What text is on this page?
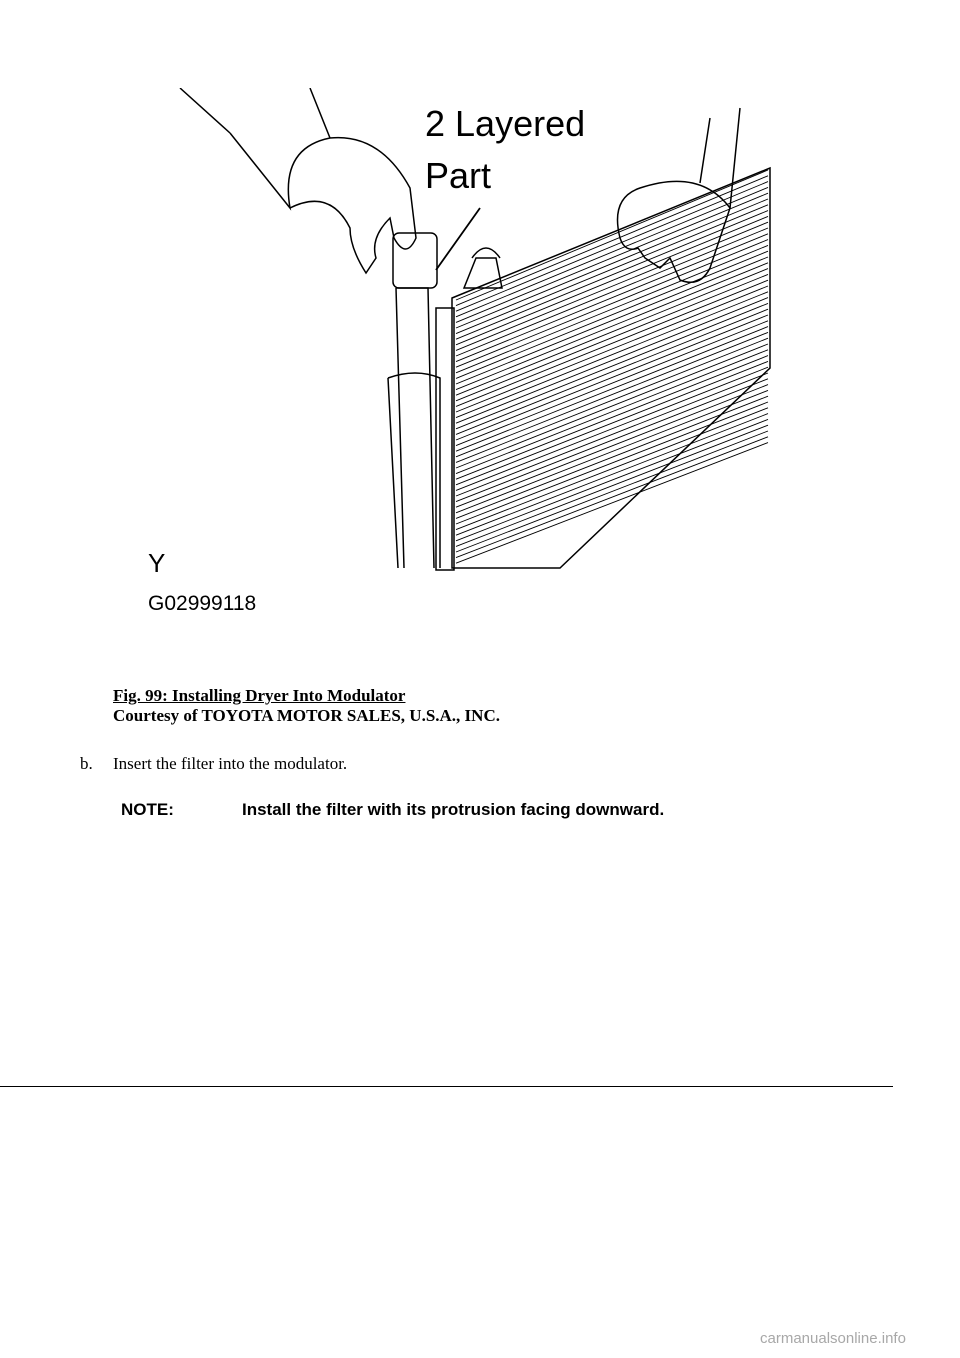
2 Layered
Part
Y
G02999118
Fig. 99: Installing Dryer Into Modulator
Courtesy of TOYOTA MOTOR SALES, U.S.A., INC.
b. Insert the filter into the modulator.
NOTE:	Install the filter with its protrusion facing downward.
carmanualsonline.info
